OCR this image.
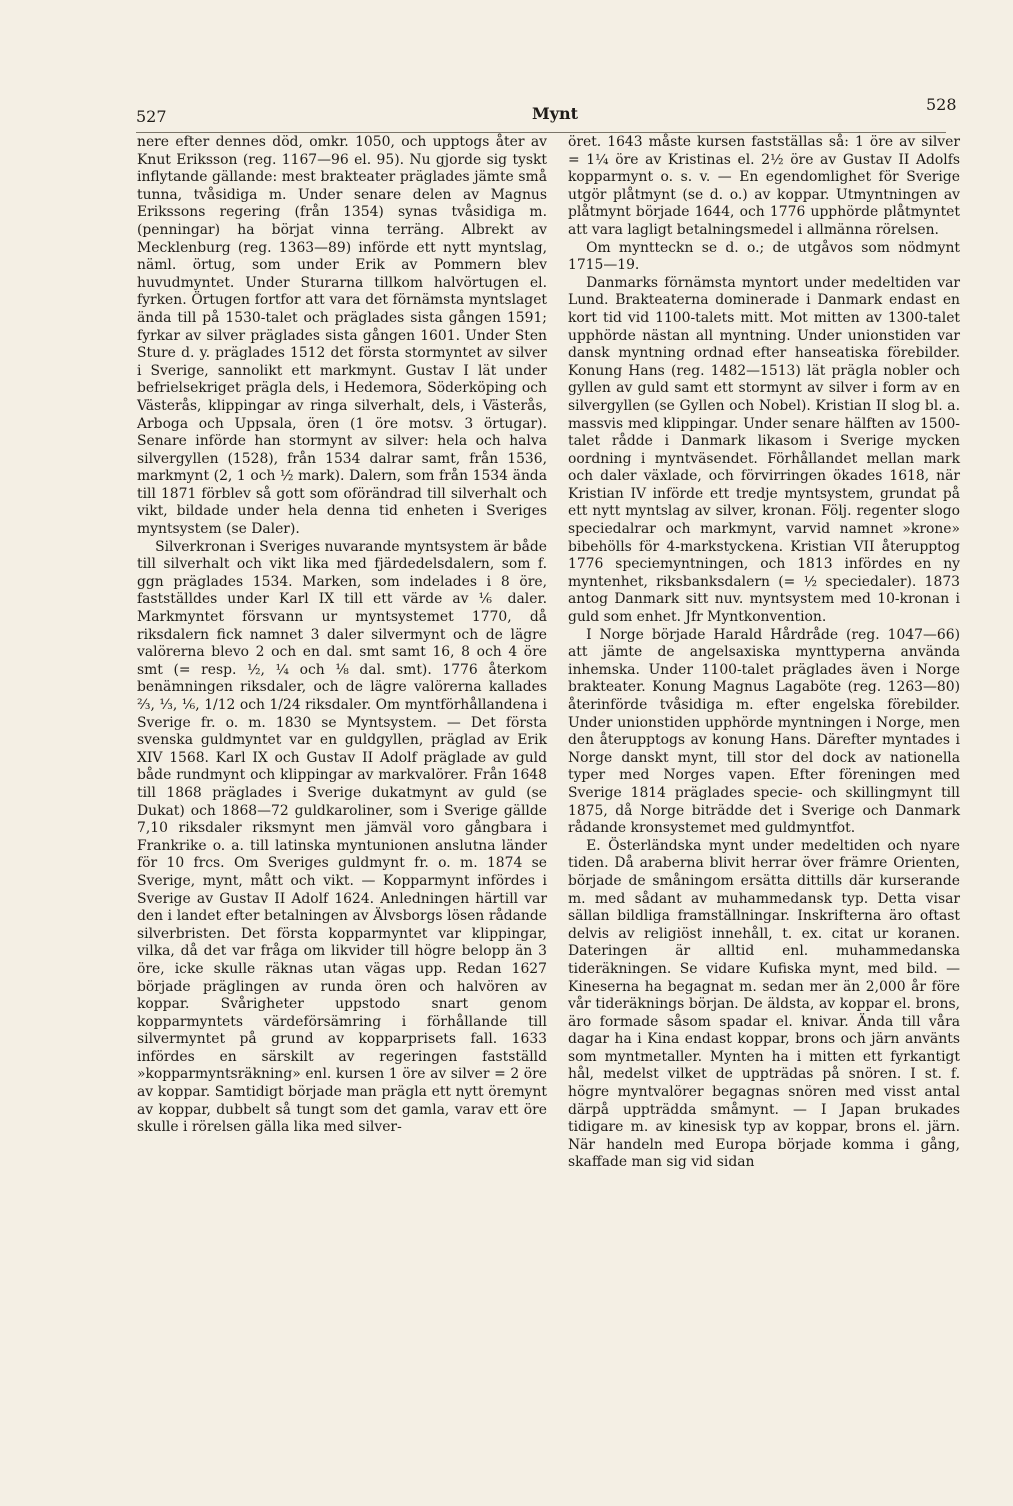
527	Mynt	528

nere efter dennes död, omkr. 1050, och upptogs åter av Knut Eriksson (reg. 1167—96 el. 95). Nu gjorde sig tyskt inflytande gällande: mest brakteater präglades jämte små tunna, tvåsidiga m. Under senare delen av Magnus Erikssons regering (från 1354) synas tvåsidiga m. (penningar) ha börjat vinna terräng. Albrekt av Mecklenburg (reg. 1363—89) införde ett nytt myntslag, näml. örtug, som under Erik av Pommern blev huvudmyntet. Under Sturarna tillkom halvörtugen el. fyrken. Örtugen fortfor att vara det förnämsta myntslaget ända till på 1530-talet och präglades sista gången 1591; fyrkar av silver präglades sista gången 1601. Under Sten Sture d. y. präglades 1512 det första stormyntet av silver i Sverige, sannolikt ett markmynt. Gustav I lät under befrielsekriget prägla dels, i Hedemora, Söderköping och Västerås, klippingar av ringa silverhalt, dels, i Västerås, Arboga och Uppsala, ören (1 öre motsv. 3 örtugar). Senare införde han stormynt av silver: hela och halva silvergyllen (1528), från 1534 dalrar samt, från 1536, markmynt (2, 1 och ½ mark). Dalern, som från 1534 ända till 1871 förblev så gott som oförändrad till silverhalt och vikt, bildade under hela denna tid enheten i Sveriges myntsystem (se Daler).

Silverkronan i Sveriges nuvarande myntsystem är både till silverhalt och vikt lika med fjärdedelsdalern, som f. ggn präglades 1534. Marken, som indelades i 8 öre, fastställdes under Karl IX till ett värde av ⅙ daler. Markmyntet försvann ur myntsystemet 1770, då riksdalern fick namnet 3 daler silvermynt och de lägre valörerna blevo 2 och en dal. smt samt 16, 8 och 4 öre smt (= resp. ½, ¼ och ⅛ dal. smt). 1776 återkom benämningen riksdaler, och de lägre valörerna kallades ⅔, ⅓, ⅙, 1/12 och 1/24 riksdaler. Om myntförhållandena i Sverige fr. o. m. 1830 se Myntsystem. — Det första svenska guldmyntet var en guldgyllen, präglad av Erik XIV 1568. Karl IX och Gustav II Adolf präglade av guld både rundmynt och klippingar av markvalörer. Från 1648 till 1868 präglades i Sverige dukatmynt av guld (se Dukat) och 1868—72 guldkaroliner, som i Sverige gällde 7,10 riksdaler riksmynt men jämväl voro gångbara i Frankrike o. a. till latinska myntunionen anslutna länder för 10 frcs. Om Sveriges guldmynt fr. o. m. 1874 se Sverige, mynt, mått och vikt. — Kopparmynt infördes i Sverige av Gustav II Adolf 1624. Anledningen härtill var den i landet efter betalningen av Älvsborgs lösen rådande silverbristen. Det första kopparmyntet var klippingar, vilka, då det var fråga om likvider till högre belopp än 3 öre, icke skulle räknas utan vägas upp. Redan 1627 började präglingen av runda ören och halvören av koppar. Svårigheter uppstodo snart genom kopparmyntets värdeförsämring i förhållande till silvermyntet på grund av kopparprisets fall. 1633 infördes en särskilt av regeringen fastställd »kopparmyntsräkning» enl. kursen 1 öre av silver = 2 öre av koppar. Samtidigt började man prägla ett nytt öremynt av koppar, dubbelt så tungt som det gamla, varav ett öre skulle i rörelsen gälla lika med silver-

öret. 1643 måste kursen fastställas så: 1 öre av silver = 1¼ öre av Kristinas el. 2½ öre av Gustav II Adolfs kopparmynt o. s. v. — En egendomlighet för Sverige utgör plåtmynt (se d. o.) av koppar. Utmyntningen av plåtmynt började 1644, och 1776 upphörde plåtmyntet att vara lagligt betalningsmedel i allmänna rörelsen.

Om myntteckn se d. o.; de utgåvos som nödmynt 1715—19.

Danmarks förnämsta myntort under medeltiden var Lund. Brakteaterna dominerade i Danmark endast en kort tid vid 1100-talets mitt. Mot mitten av 1300-talet upphörde nästan all myntning. Under unionstiden var dansk myntning ordnad efter hanseatiska förebilder. Konung Hans (reg. 1482—1513) lät prägla nobler och gyllen av guld samt ett stormynt av silver i form av en silvergyllen (se Gyllen och Nobel). Kristian II slog bl. a. massvis med klippingar. Under senare hälften av 1500-talet rådde i Danmark likasom i Sverige mycken oordning i myntväsendet. Förhållandet mellan mark och daler växlade, och förvirringen ökades 1618, när Kristian IV införde ett tredje myntsystem, grundat på ett nytt myntslag av silver, kronan. Följ. regenter slogo speciedalrar och markmynt, varvid namnet »krone» bibehölls för 4-markstyckena. Kristian VII återupptog 1776 speciemyntningen, och 1813 infördes en ny myntenhet, riksbanksdalern (= ½ speciedaler). 1873 antog Danmark sitt nuv. myntsystem med 10-kronan i guld som enhet. Jfr Myntkonvention.

I Norge började Harald Hårdråde (reg. 1047—66) att jämte de angelsaxiska mynttyperna använda inhemska. Under 1100-talet präglades även i Norge brakteater. Konung Magnus Lagaböte (reg. 1263—80) återinförde tvåsidiga m. efter engelska förebilder. Under unionstiden upphörde myntningen i Norge, men den återupptogs av konung Hans. Därefter myntades i Norge danskt mynt, till stor del dock av nationella typer med Norges vapen. Efter föreningen med Sverige 1814 präglades specie- och skillingmynt till 1875, då Norge biträdde det i Sverige och Danmark rådande kronsystemet med guldmyntfot.

E. Österländska mynt under medeltiden och nyare tiden. Då araberna blivit herrar över främre Orienten, började de småningom ersätta dittills där kurserande m. med sådant av muhammedansk typ. Detta visar sällan bildliga framställningar. Inskrifterna äro oftast delvis av religiöst innehåll, t. ex. citat ur koranen. Dateringen är alltid enl. muhammedanska tideräkningen. Se vidare Kufiska mynt, med bild. — Kineserna ha begagnat m. sedan mer än 2,000 år före vår tideräknings början. De äldsta, av koppar el. brons, äro formade såsom spadar el. knivar. Ända till våra dagar ha i Kina endast koppar, brons och järn använts som myntmetaller. Mynten ha i mitten ett fyrkantigt hål, medelst vilket de uppträdas på snören. I st. f. högre myntvalörer begagnas snören med visst antal därpå uppträdda småmynt. — I Japan brukades tidigare m. av kinesisk typ av koppar, brons el. järn. När handeln med Europa började komma i gång, skaffade man sig vid sidan
